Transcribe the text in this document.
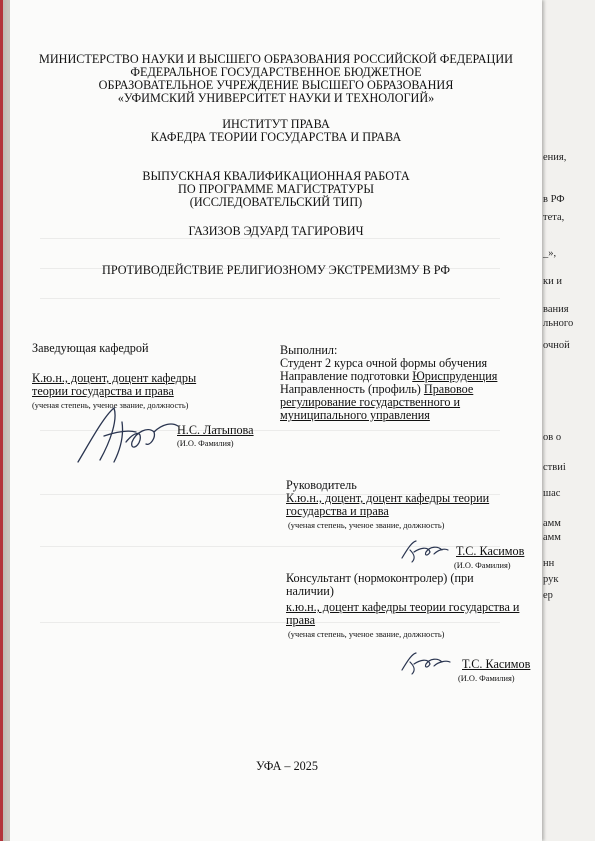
ения,
в РФ
тета,
_»,
ки и
вания
льного
очной
ов о
ствиі
шас
амм
амм
нн
рук
ер
МИНИСТЕРСТВО НАУКИ И ВЫСШЕГО ОБРАЗОВАНИЯ РОССИЙСКОЙ ФЕДЕРАЦИИ
ФЕДЕРАЛЬНОЕ ГОСУДАРСТВЕННОЕ БЮДЖЕТНОЕ
ОБРАЗОВАТЕЛЬНОЕ УЧРЕЖДЕНИЕ ВЫСШЕГО ОБРАЗОВАНИЯ
«УФИМСКИЙ УНИВЕРСИТЕТ НАУКИ И ТЕХНОЛОГИЙ»
ИНСТИТУТ ПРАВА
КАФЕДРА ТЕОРИИ ГОСУДАРСТВА И ПРАВА
ВЫПУСКНАЯ КВАЛИФИКАЦИОННАЯ РАБОТА
ПО ПРОГРАММЕ МАГИСТРАТУРЫ
(ИССЛЕДОВАТЕЛЬСКИЙ ТИП)
ГАЗИЗОВ ЭДУАРД ТАГИРОВИЧ
ПРОТИВОДЕЙСТВИЕ РЕЛИГИОЗНОМУ ЭКСТРЕМИЗМУ В РФ
Заведующая кафедрой
К.ю.н., доцент, доцент кафедры
теории государства и права
(ученая степень, ученое звание, должность)
Н.С. Латыпова
(И.О. Фамилия)
Выполнил:
Студент 2 курса очной формы обучения
Направление подготовки Юриспруденция
Направленность (профиль) Правовое
регулирование государственного и
муниципального управления
Руководитель
К.ю.н., доцент, доцент кафедры теории
государства и права
(ученая степень, ученое звание, должность)
Т.С. Касимов
(И.О. Фамилия)
Консультант (нормоконтролер) (при
наличии)
к.ю.н., доцент кафедры теории государства и
права
(ученая степень, ученое звание, должность)
Т.С. Касимов
(И.О. Фамилия)
УФА – 2025
